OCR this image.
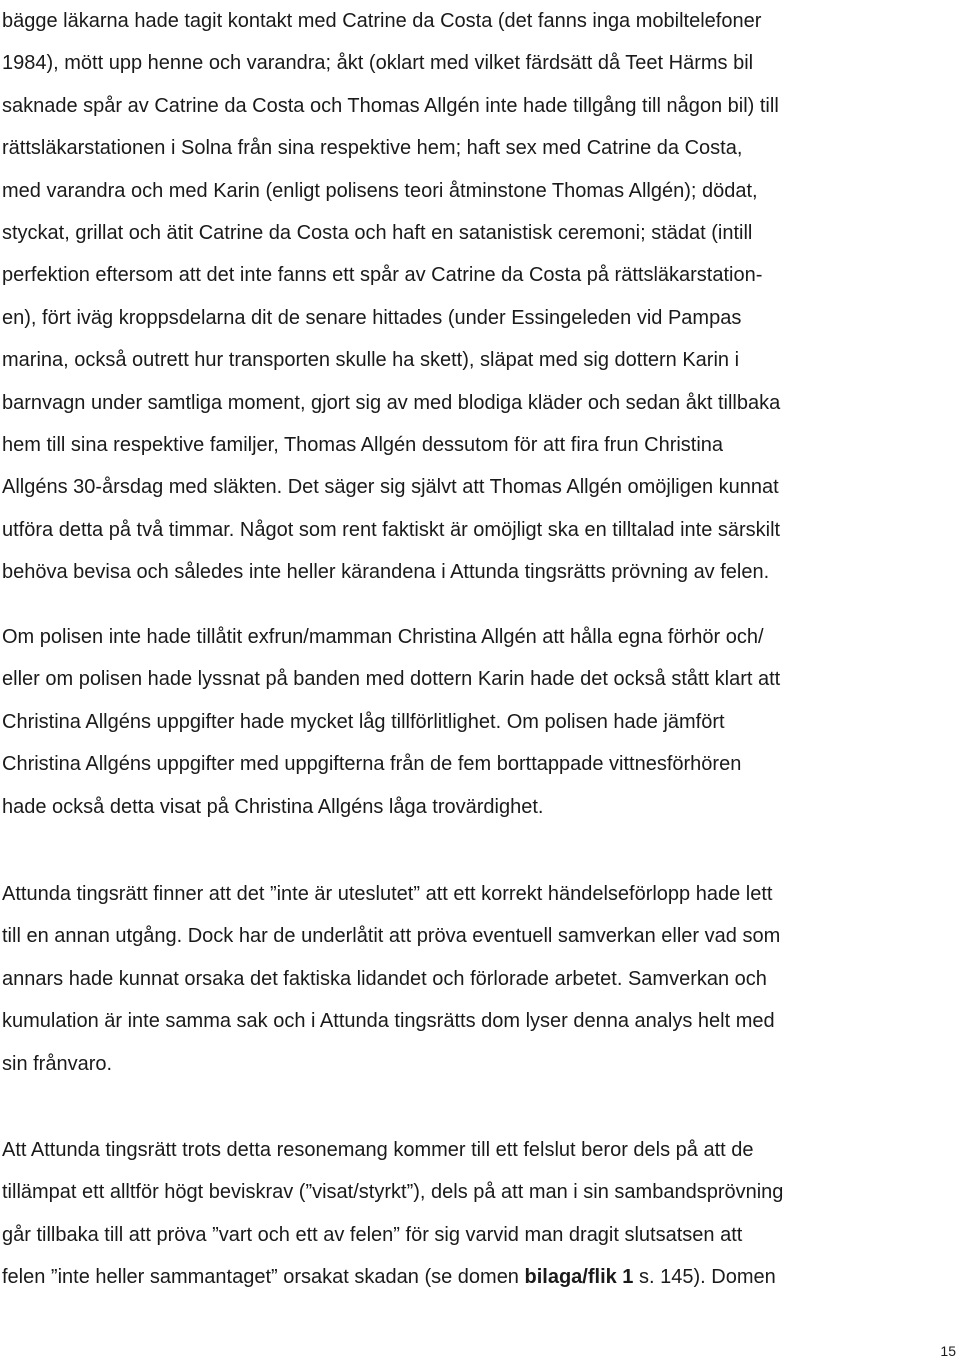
bägge läkarna hade tagit kontakt med Catrine da Costa (det fanns inga mobiltelefoner
1984), mött upp henne och varandra; åkt (oklart med vilket färdsätt då Teet Härms bil
saknade spår av Catrine da Costa och Thomas Allgén inte hade tillgång till någon bil) till
rättsläkarstationen i Solna från sina respektive hem; haft sex med Catrine da Costa,
med varandra och med Karin (enligt polisens teori åtminstone Thomas Allgén); dödat,
styckat, grillat och ätit Catrine da Costa och haft en satanistisk ceremoni; städat (intill
perfektion eftersom att det inte fanns ett spår av Catrine da Costa på rättsläkarstation-
en), fört iväg kroppsdelarna dit de senare hittades (under Essingeleden vid Pampas
marina, också outrett hur transporten skulle ha skett), släpat med sig dottern Karin i
barnvagn under samtliga moment, gjort sig av med blodiga kläder och sedan åkt tillbaka
hem till sina respektive familjer, Thomas Allgén dessutom för att fira frun Christina
Allgéns 30-årsdag med släkten. Det säger sig självt att Thomas Allgén omöjligen kunnat
utföra detta på två timmar. Något som rent faktiskt är omöjligt ska en tilltalad inte särskilt
behöva bevisa och således inte heller kärandena i Attunda tingsrätts prövning av felen.

Om polisen inte hade tillåtit exfrun/mamman Christina Allgén att hålla egna förhör och/
eller om polisen hade lyssnat på banden med dottern Karin hade det också stått klart att
Christina Allgéns uppgifter hade mycket låg tillförlitlighet. Om polisen hade jämfört
Christina Allgéns uppgifter med uppgifterna från de fem borttappade vittnesförhören
hade också detta visat på Christina Allgéns låga trovärdighet.

Attunda tingsrätt finner att det ”inte är uteslutet” att ett korrekt händelseförlopp hade lett
till en annan utgång. Dock har de underlåtit att pröva eventuell samverkan eller vad som
annars hade kunnat orsaka det faktiska lidandet och förlorade arbetet. Samverkan och
kumulation är inte samma sak och i Attunda tingsrätts dom lyser denna analys helt med
sin frånvaro.

Att Attunda tingsrätt trots detta resonemang kommer till ett felslut beror dels på att de
tillämpat ett alltför högt beviskrav (”visat/styrkt”), dels på att man i sin sambandsprövning
går tillbaka till att pröva ”vart och ett av felen” för sig varvid man dragit slutsatsen att
felen ”inte heller sammantaget” orsakat skadan (se domen bilaga/flik 1 s. 145). Domen

15
